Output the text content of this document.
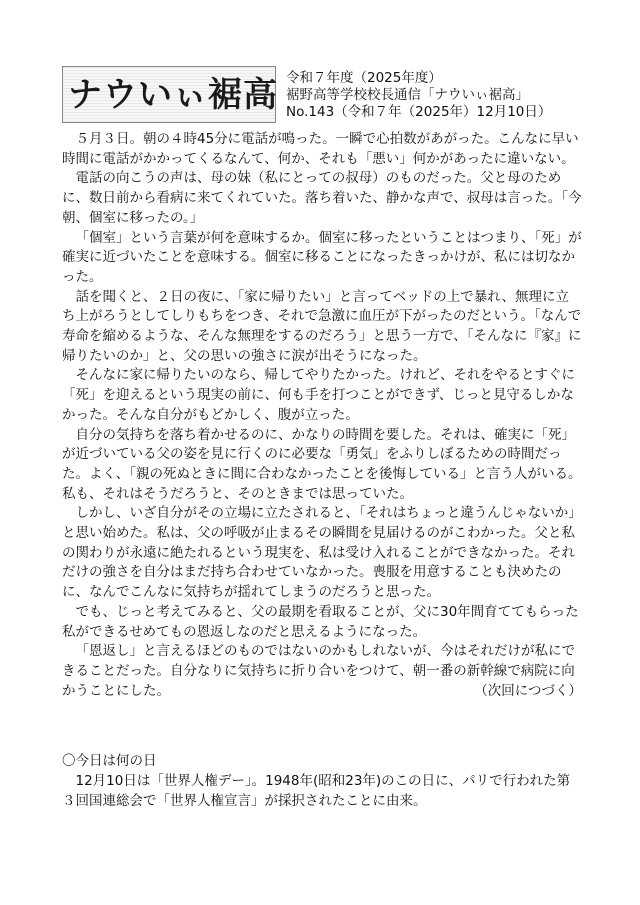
ナウいぃ裾高 令和７年度（2025年度）
裾野高等学校校長通信「ナウいぃ裾高」
No.143（令和７年（2025年）12月10日）

５月３日。朝の４時45分に電話が鳴った。一瞬で心拍数があがった。こんなに早い時間に電話がかかってくるなんて、何か、それも「悪い」何かがあったに違いない。

電話の向こうの声は、母の妹（私にとっての叔母）のものだった。父と母のために、数日前から看病に来てくれていた。落ち着いた、静かな声で、叔母は言った。「今朝、個室に移ったの。」

「個室」という言葉が何を意味するか。個室に移ったということはつまり、「死」が確実に近づいたことを意味する。個室に移ることになったきっかけが、私には切なかった。

話を聞くと、２日の夜に、「家に帰りたい」と言ってベッドの上で暴れ、無理に立ち上がろうとしてしりもちをつき、それで急激に血圧が下がったのだという。「なんで寿命を縮めるような、そんな無理をするのだろう」と思う一方で、「そんなに『家』に帰りたいのか」と、父の思いの強さに涙が出そうになった。

そんなに家に帰りたいのなら、帰してやりたかった。けれど、それをやるとすぐに「死」を迎えるという現実の前に、何も手を打つことができず、じっと見守るしかなかった。そんな自分がもどかしく、腹が立った。

自分の気持ちを落ち着かせるのに、かなりの時間を要した。それは、確実に「死」が近づいている父の姿を見に行くのに必要な「勇気」をふりしぼるための時間だった。よく、「親の死ぬときに間に合わなかったことを後悔している」と言う人がいる。私も、それはそうだろうと、そのときまでは思っていた。

しかし、いざ自分がその立場に立たされると、「それはちょっと違うんじゃないか」と思い始めた。私は、父の呼吸が止まるその瞬間を見届けるのがこわかった。父と私の関わりが永遠に絶たれるという現実を、私は受け入れることができなかった。それだけの強さを自分はまだ持ち合わせていなかった。喪服を用意することも決めたのに、なんでこんなに気持ちが揺れてしまうのだろうと思った。

でも、じっと考えてみると、父の最期を看取ることが、父に30年間育ててもらった私ができるせめてもの恩返しなのだと思えるようになった。

「恩返し」と言えるほどのものではないのかもしれないが、今はそれだけが私にできることだった。自分なりに気持ちに折り合いをつけて、朝一番の新幹線で病院に向かうことにした。	（次回につづく）

〇今日は何の日

12月10日は「世界人権デー」。1948年(昭和23年)のこの日に、パリで行われた第３回国連総会で「世界人権宣言」が採択されたことに由来。
